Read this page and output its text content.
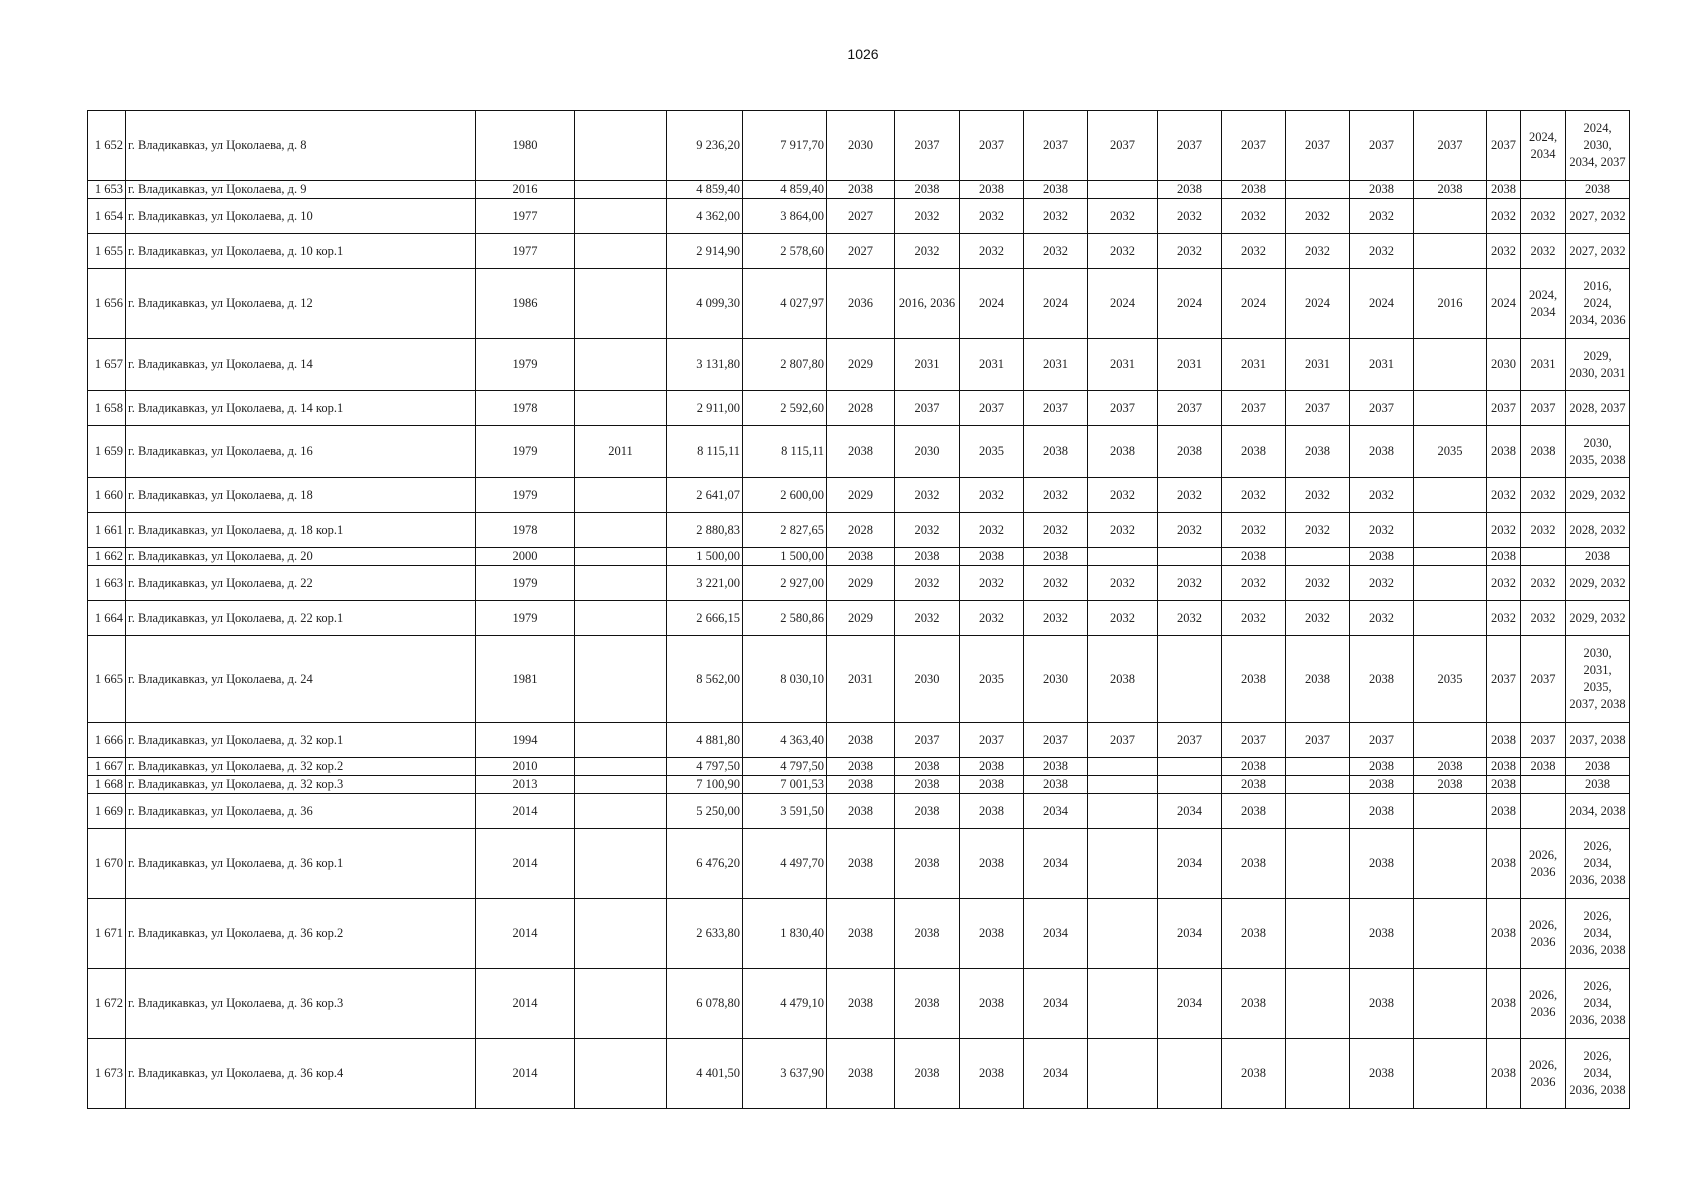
1026
1 652	г. Владикавказ, ул Цоколаева, д. 8	1980		9 236,20	7 917,70	2030	2037	2037	2037	2037	2037	2037	2037	2037	2037	2037	2024, 2034	2024, 2030, 2034, 2037
1 653	г. Владикавказ, ул Цоколаева, д. 9	2016		4 859,40	4 859,40	2038	2038	2038	2038		2038	2038		2038	2038	2038		2038
1 654	г. Владикавказ, ул Цоколаева, д. 10	1977		4 362,00	3 864,00	2027	2032	2032	2032	2032	2032	2032	2032	2032		2032	2032	2027, 2032
1 655	г. Владикавказ, ул Цоколаева, д. 10 кор.1	1977		2 914,90	2 578,60	2027	2032	2032	2032	2032	2032	2032	2032	2032		2032	2032	2027, 2032
1 656	г. Владикавказ, ул Цоколаева, д. 12	1986		4 099,30	4 027,97	2036	2016, 2036	2024	2024	2024	2024	2024	2024	2024	2016	2024	2024, 2034	2016, 2024, 2034, 2036
1 657	г. Владикавказ, ул Цоколаева, д. 14	1979		3 131,80	2 807,80	2029	2031	2031	2031	2031	2031	2031	2031	2031		2030	2031	2029, 2030, 2031
1 658	г. Владикавказ, ул Цоколаева, д. 14 кор.1	1978		2 911,00	2 592,60	2028	2037	2037	2037	2037	2037	2037	2037	2037		2037	2037	2028, 2037
1 659	г. Владикавказ, ул Цоколаева, д. 16	1979	2011	8 115,11	8 115,11	2038	2030	2035	2038	2038	2038	2038	2038	2038	2035	2038	2038	2030, 2035, 2038
1 660	г. Владикавказ, ул Цоколаева, д. 18	1979		2 641,07	2 600,00	2029	2032	2032	2032	2032	2032	2032	2032	2032		2032	2032	2029, 2032
1 661	г. Владикавказ, ул Цоколаева, д. 18 кор.1	1978		2 880,83	2 827,65	2028	2032	2032	2032	2032	2032	2032	2032	2032		2032	2032	2028, 2032
1 662	г. Владикавказ, ул Цоколаева, д. 20	2000		1 500,00	1 500,00	2038	2038	2038	2038			2038		2038		2038		2038
1 663	г. Владикавказ, ул Цоколаева, д. 22	1979		3 221,00	2 927,00	2029	2032	2032	2032	2032	2032	2032	2032	2032		2032	2032	2029, 2032
1 664	г. Владикавказ, ул Цоколаева, д. 22 кор.1	1979		2 666,15	2 580,86	2029	2032	2032	2032	2032	2032	2032	2032	2032		2032	2032	2029, 2032
1 665	г. Владикавказ, ул Цоколаева, д. 24	1981		8 562,00	8 030,10	2031	2030	2035	2030	2038		2038	2038	2038	2035	2037	2037	2030, 2031, 2035, 2037, 2038
1 666	г. Владикавказ, ул Цоколаева, д. 32 кор.1	1994		4 881,80	4 363,40	2038	2037	2037	2037	2037	2037	2037	2037	2037		2038	2037	2037, 2038
1 667	г. Владикавказ, ул Цоколаева, д. 32 кор.2	2010		4 797,50	4 797,50	2038	2038	2038	2038			2038		2038	2038	2038	2038	2038
1 668	г. Владикавказ, ул Цоколаева, д. 32 кор.3	2013		7 100,90	7 001,53	2038	2038	2038	2038			2038		2038	2038	2038		2038
1 669	г. Владикавказ, ул Цоколаева, д. 36	2014		5 250,00	3 591,50	2038	2038	2038	2034		2034	2038		2038		2038		2034, 2038
1 670	г. Владикавказ, ул Цоколаева, д. 36 кор.1	2014		6 476,20	4 497,70	2038	2038	2038	2034		2034	2038		2038		2038	2026, 2036	2026, 2034, 2036, 2038
1 671	г. Владикавказ, ул Цоколаева, д. 36 кор.2	2014		2 633,80	1 830,40	2038	2038	2038	2034		2034	2038		2038		2038	2026, 2036	2026, 2034, 2036, 2038
1 672	г. Владикавказ, ул Цоколаева, д. 36 кор.3	2014		6 078,80	4 479,10	2038	2038	2038	2034		2034	2038		2038		2038	2026, 2036	2026, 2034, 2036, 2038
1 673	г. Владикавказ, ул Цоколаева, д. 36 кор.4	2014		4 401,50	3 637,90	2038	2038	2038	2034			2038		2038		2038	2026, 2036	2026, 2034, 2036, 2038
